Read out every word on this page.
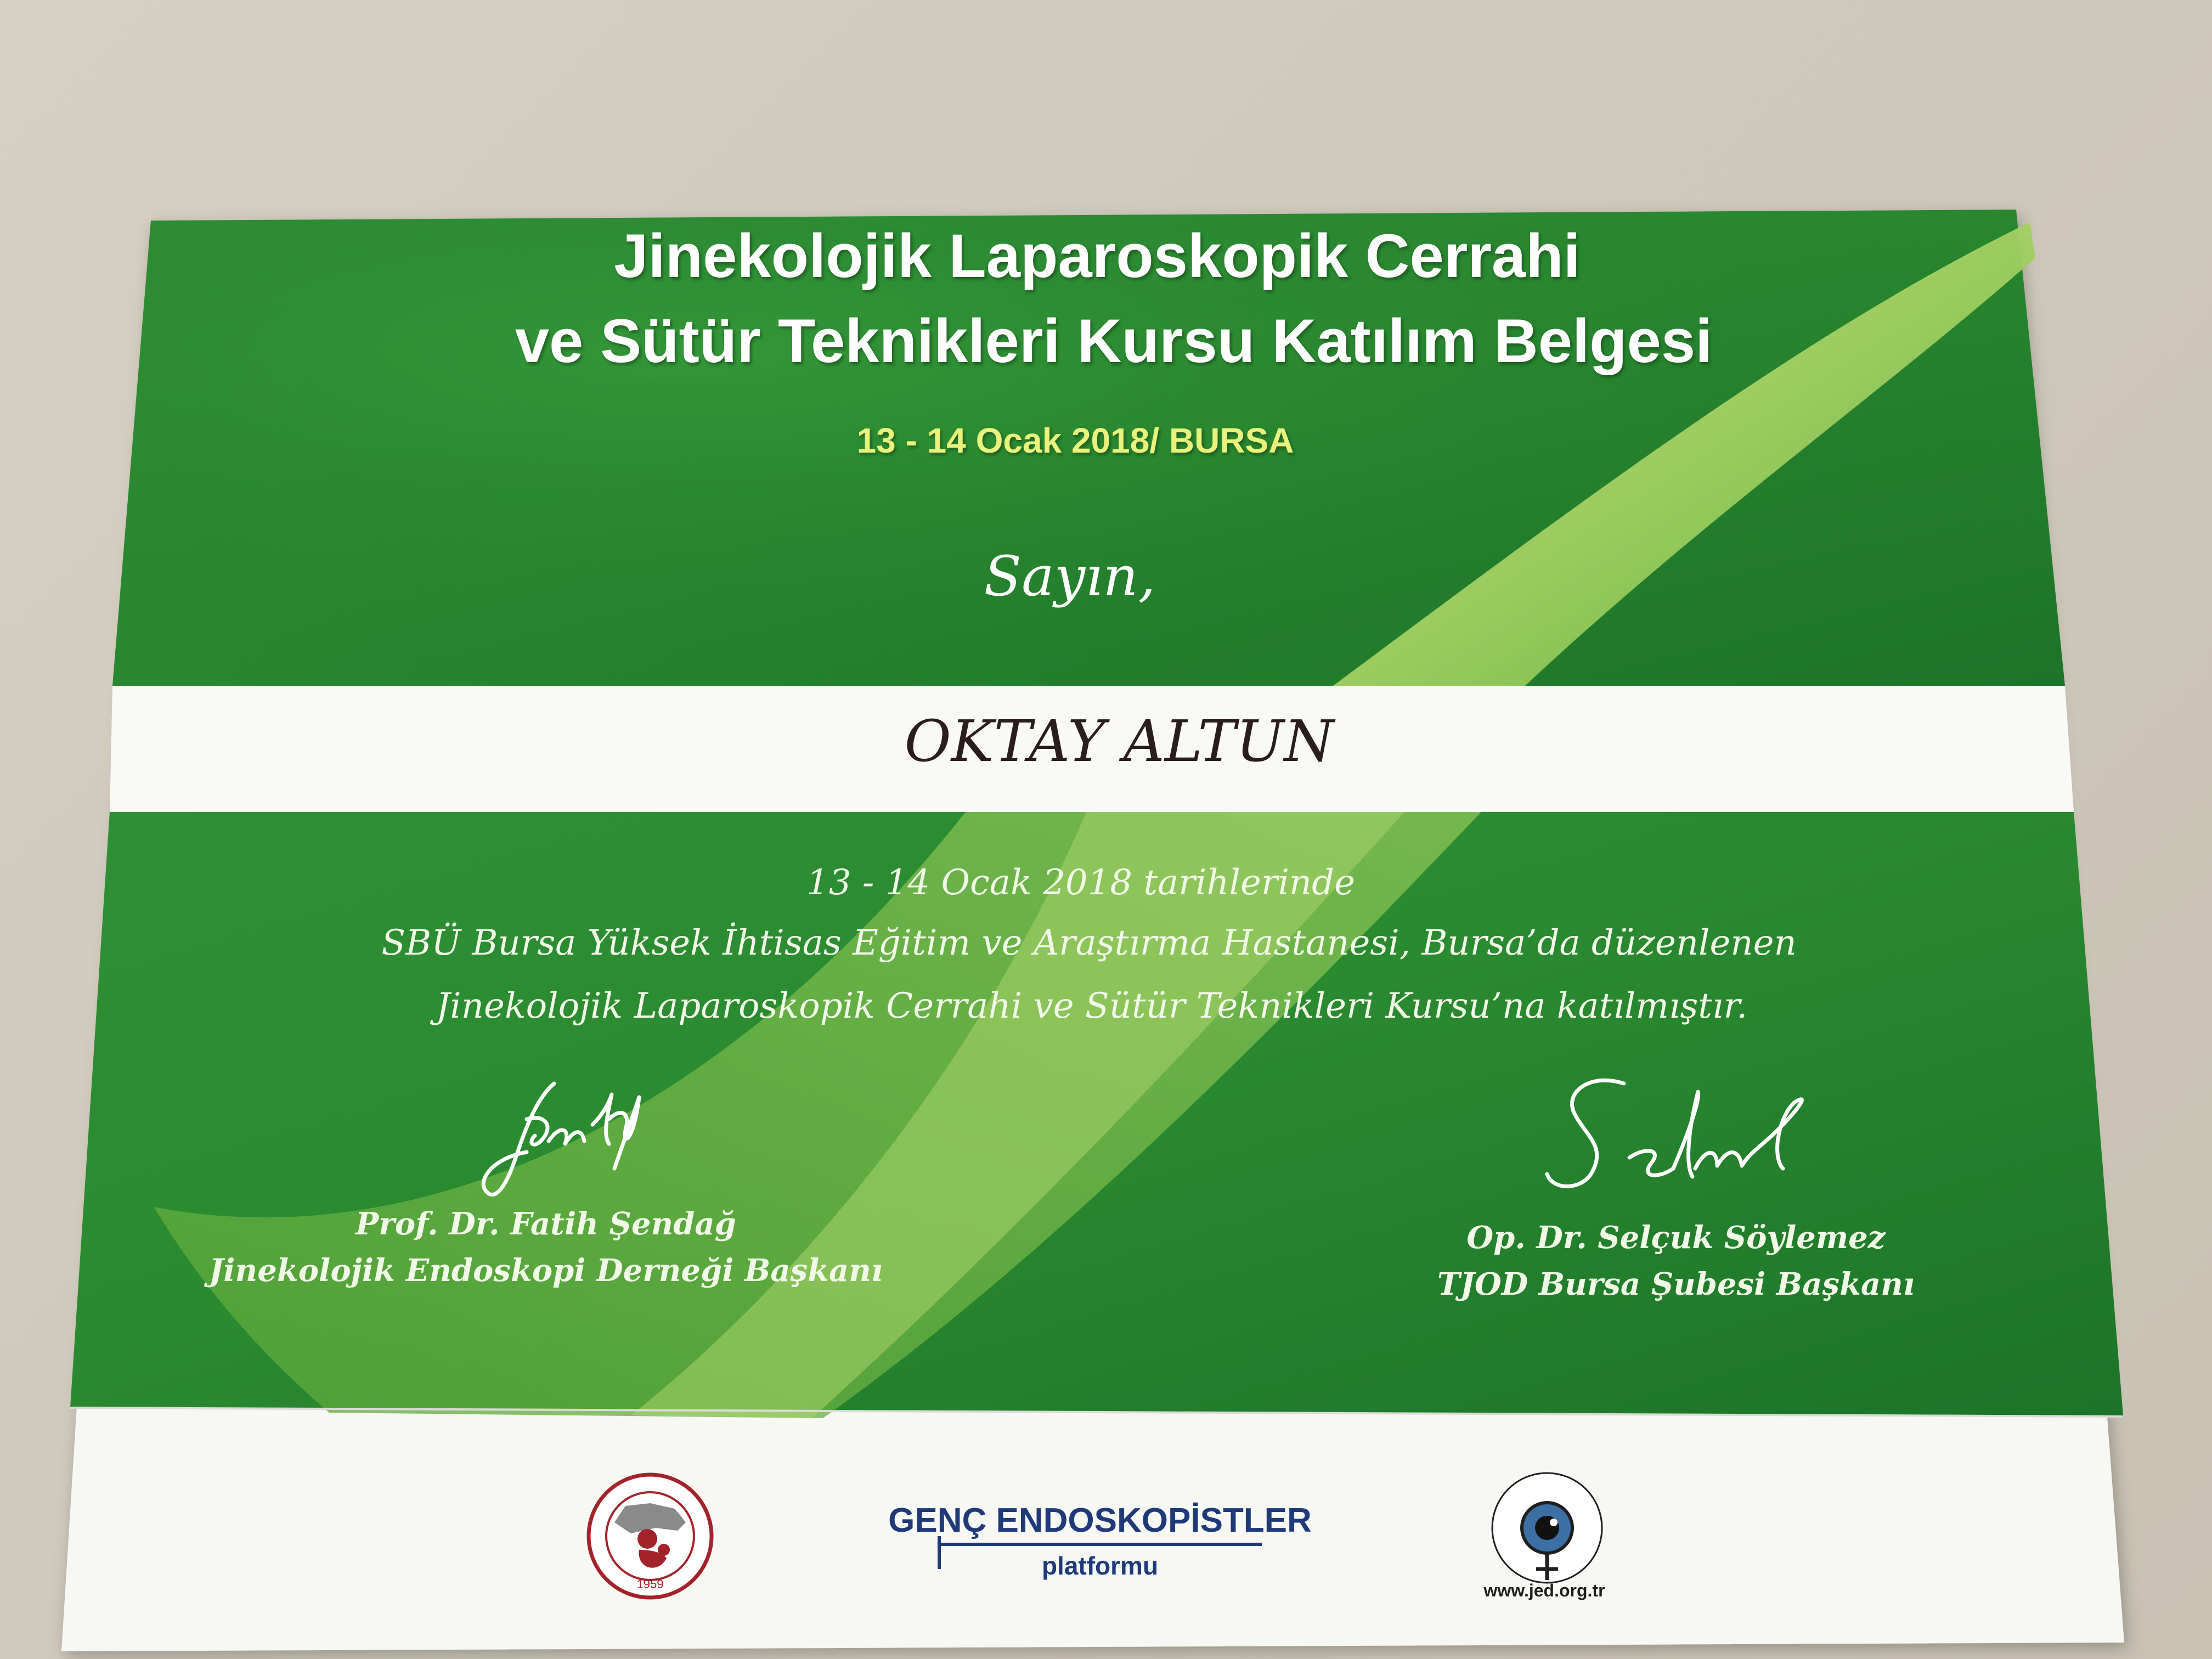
Jinekolojik Laparoskopik Cerrahi
ve Sütür Teknikleri Kursu Katılım Belgesi
13 - 14 Ocak 2018/ BURSA
Sayın,
OKTAY ALTUN
13 - 14 Ocak 2018 tarihlerinde
SBÜ Bursa Yüksek İhtisas Eğitim ve Araştırma Hastanesi, Bursa’da düzenlenen
Jinekolojik Laparoskopik Cerrahi ve Sütür Teknikleri Kursu’na katılmıştır.
Prof. Dr. Fatih Şendağ
Jinekolojik Endoskopi Derneği Başkanı
Op. Dr. Selçuk Söylemez
TJOD Bursa Şubesi Başkanı
1959
GENÇ ENDOSKOPİSTLER
platformu
www.jed.org.tr
